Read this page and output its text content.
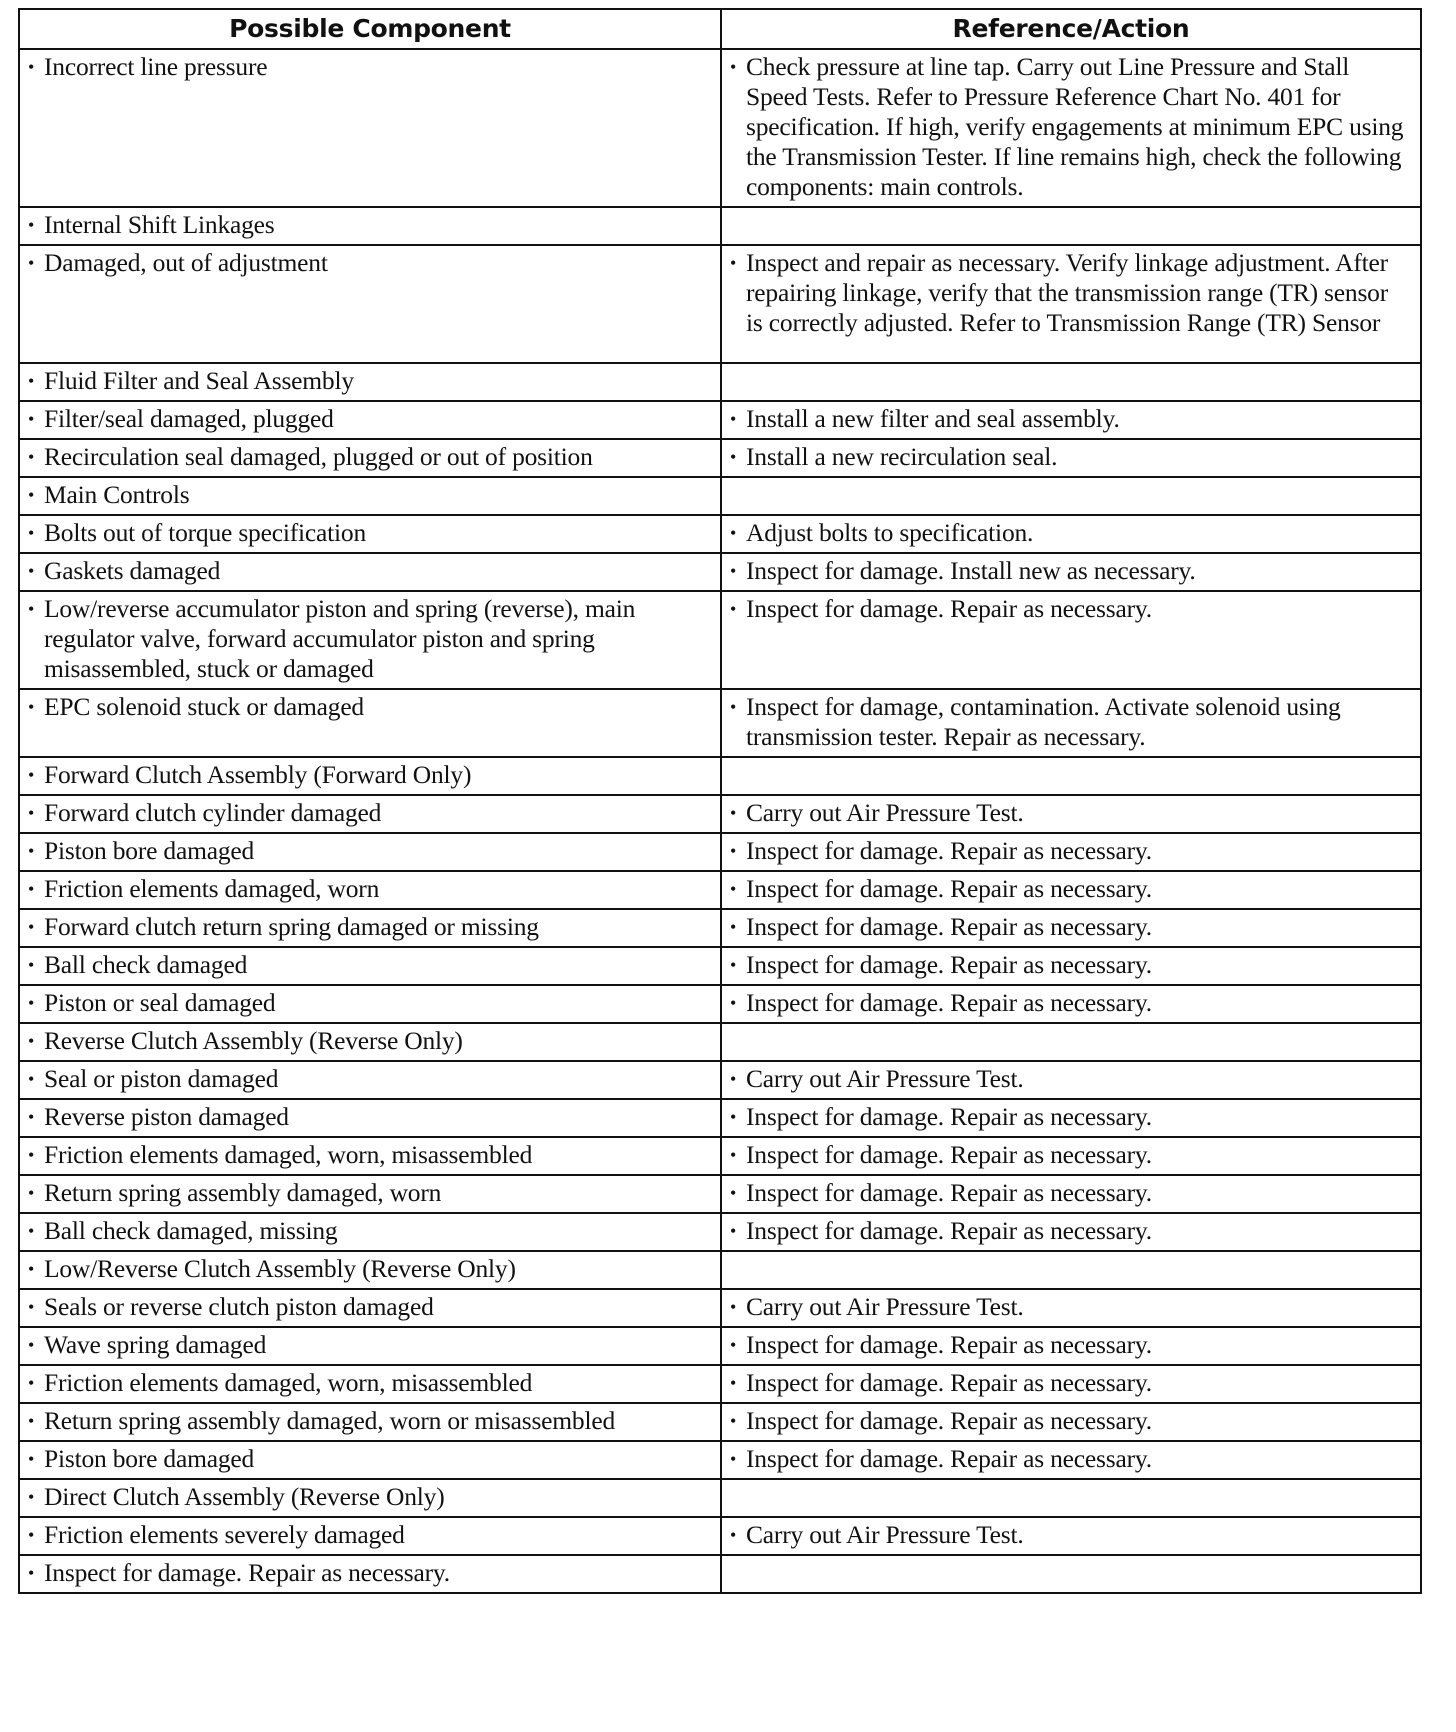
Possible Component	Reference/Action

• Incorrect line pressure	• Check pressure at line tap. Carry out Line Pressure and Stall Speed Tests. Refer to Pressure Reference Chart No. 401 for specification. If high, verify engagements at minimum EPC using the Transmission Tester. If line remains high, check the following components: main controls.

• Internal Shift Linkages	

• Damaged, out of adjustment	• Inspect and repair as necessary. Verify linkage adjustment. After repairing linkage, verify that the transmission range (TR) sensor is correctly adjusted. Refer to Transmission Range (TR) Sensor

• Fluid Filter and Seal Assembly	

• Filter/seal damaged, plugged	• Install a new filter and seal assembly.

• Recirculation seal damaged, plugged or out of position	• Install a new recirculation seal.

• Main Controls	

• Bolts out of torque specification	• Adjust bolts to specification.

• Gaskets damaged	• Inspect for damage. Install new as necessary.

• Low/reverse accumulator piston and spring (reverse), main regulator valve, forward accumulator piston and spring misassembled, stuck or damaged	• Inspect for damage. Repair as necessary.

• EPC solenoid stuck or damaged	• Inspect for damage, contamination. Activate solenoid using transmission tester. Repair as necessary.

• Forward Clutch Assembly (Forward Only)	

• Forward clutch cylinder damaged	• Carry out Air Pressure Test.

• Piston bore damaged	• Inspect for damage. Repair as necessary.

• Friction elements damaged, worn	• Inspect for damage. Repair as necessary.

• Forward clutch return spring damaged or missing	• Inspect for damage. Repair as necessary.

• Ball check damaged	• Inspect for damage. Repair as necessary.

• Piston or seal damaged	• Inspect for damage. Repair as necessary.

• Reverse Clutch Assembly (Reverse Only)	

• Seal or piston damaged	• Carry out Air Pressure Test.

• Reverse piston damaged	• Inspect for damage. Repair as necessary.

• Friction elements damaged, worn, misassembled	• Inspect for damage. Repair as necessary.

• Return spring assembly damaged, worn	• Inspect for damage. Repair as necessary.

• Ball check damaged, missing	• Inspect for damage. Repair as necessary.

• Low/Reverse Clutch Assembly (Reverse Only)	

• Seals or reverse clutch piston damaged	• Carry out Air Pressure Test.

• Wave spring damaged	• Inspect for damage. Repair as necessary.

• Friction elements damaged, worn, misassembled	• Inspect for damage. Repair as necessary.

• Return spring assembly damaged, worn or misassembled	• Inspect for damage. Repair as necessary.

• Piston bore damaged	• Inspect for damage. Repair as necessary.

• Direct Clutch Assembly (Reverse Only)	

• Friction elements severely damaged	• Carry out Air Pressure Test.

• Inspect for damage. Repair as necessary.	
